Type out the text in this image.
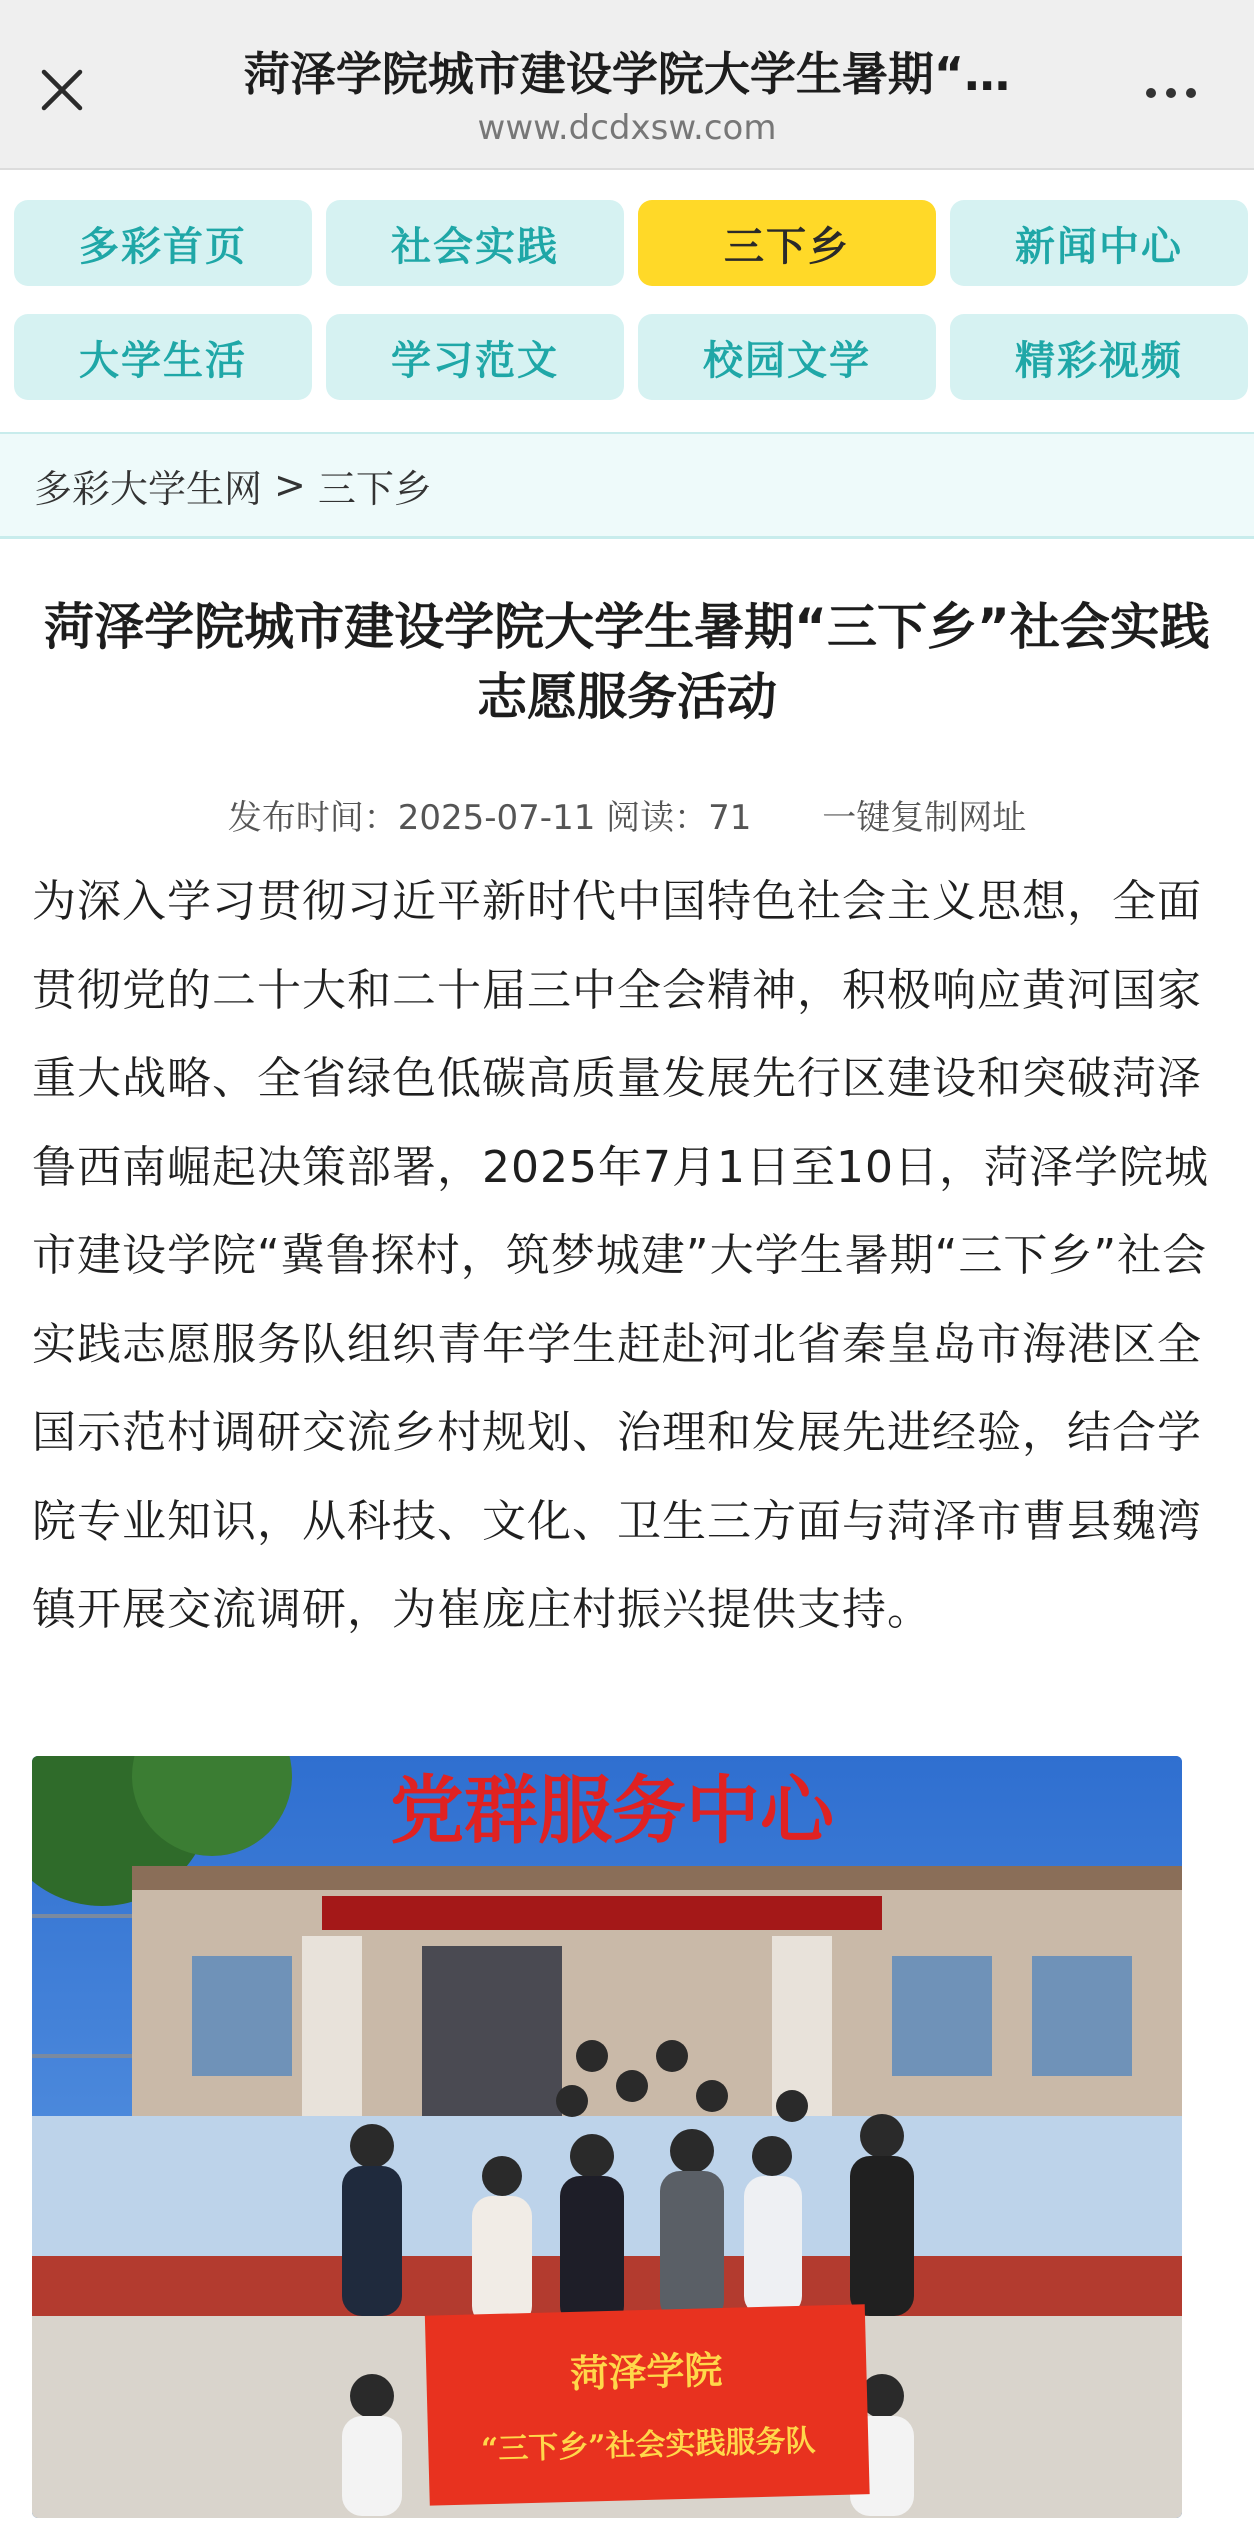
菏泽学院城市建设学院大学生暑期“…
www.dcdxsw.com
多彩首页	社会实践	三下乡	新闻中心
大学生活	学习范文	校园文学	精彩视频
多彩大学生网 > 三下乡
菏泽学院城市建设学院大学生暑期“三下乡”社会实践志愿服务活动
发布时间：2025-07-11 阅读：71 一键复制网址

为深入学习贯彻习近平新时代中国特色社会主义思想，全面贯彻党的二十大和二十届三中全会精神，积极响应黄河国家重大战略、全省绿色低碳高质量发展先行区建设和突破菏泽鲁西南崛起决策部署，2025年7月1日至10日，菏泽学院城市建设学院“冀鲁探村，筑梦城建”大学生暑期“三下乡”社会实践志愿服务队组织青年学生赶赴河北省秦皇岛市海港区全国示范村调研交流乡村规划、治理和发展先进经验，结合学院专业知识，从科技、文化、卫生三方面与菏泽市曹县魏湾镇开展交流调研，为崔庞庄村振兴提供支持。

党群服务中心
菏泽学院
“三下乡”社会实践服务队
